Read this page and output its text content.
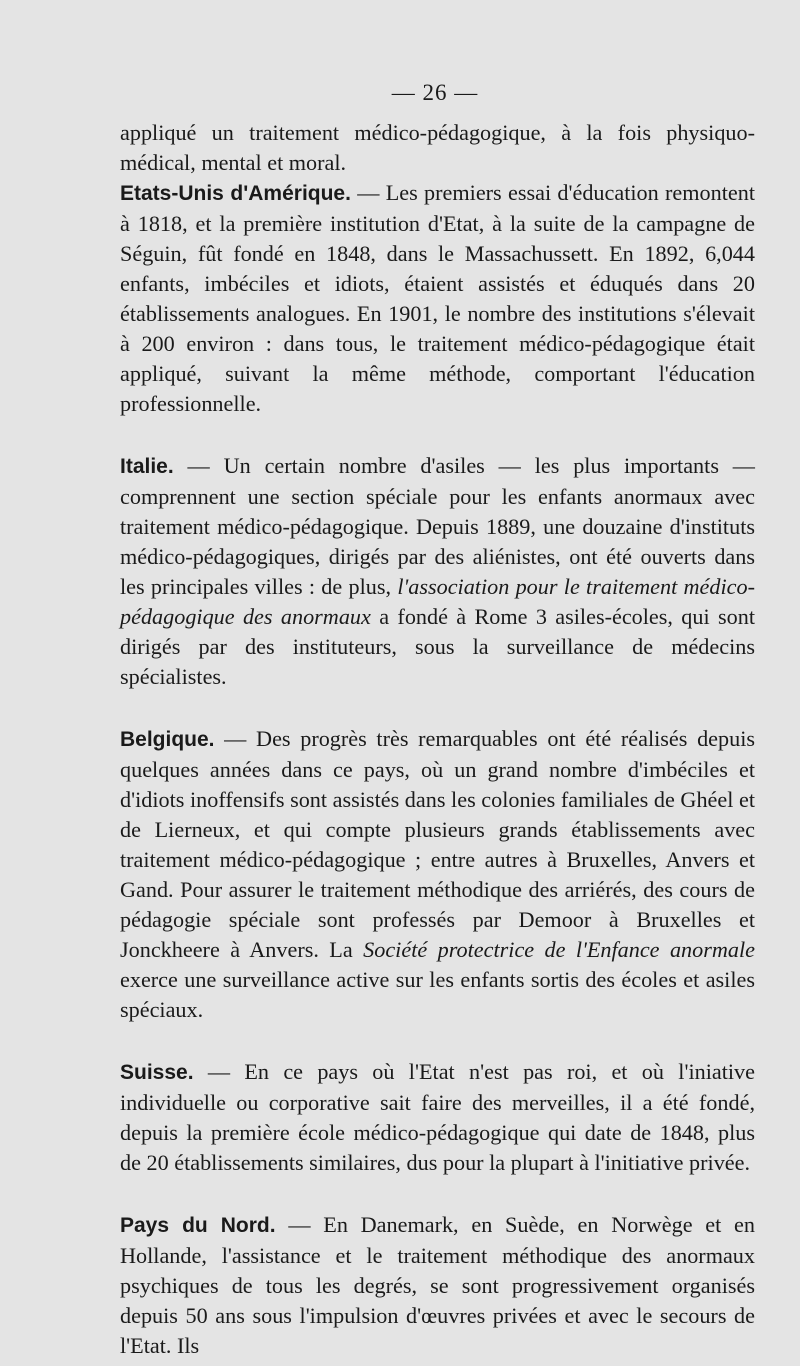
— 26 —

appliqué un traitement médico-pédagogique, à la fois physiquo-médical, mental et moral.

Etats-Unis d'Amérique. — Les premiers essai d'éducation remontent à 1818, et la première institution d'Etat, à la suite de la campagne de Séguin, fût fondé en 1848, dans le Massachussett. En 1892, 6,044 enfants, imbéciles et idiots, étaient assistés et éduqués dans 20 établissements analogues. En 1901, le nombre des institutions s'élevait à 200 environ : dans tous, le traitement médico-pédagogique était appliqué, suivant la même méthode, comportant l'éducation professionnelle.

Italie. — Un certain nombre d'asiles — les plus importants — comprennent une section spéciale pour les enfants anormaux avec traitement médico-pédagogique. Depuis 1889, une douzaine d'instituts médico-pédagogiques, dirigés par des aliénistes, ont été ouverts dans les principales villes : de plus, l'association pour le traitement médico-pédagogique des anormaux a fondé à Rome 3 asiles-écoles, qui sont dirigés par des instituteurs, sous la surveillance de médecins spécialistes.

Belgique. — Des progrès très remarquables ont été réalisés depuis quelques années dans ce pays, où un grand nombre d'imbéciles et d'idiots inoffensifs sont assistés dans les colonies familiales de Ghéel et de Lierneux, et qui compte plusieurs grands établissements avec traitement médico-pédagogique ; entre autres à Bruxelles, Anvers et Gand. Pour assurer le traitement méthodique des arriérés, des cours de pédagogie spéciale sont professés par Demoor à Bruxelles et Jonckheere à Anvers. La Société protectrice de l'Enfance anormale exerce une surveillance active sur les enfants sortis des écoles et asiles spéciaux.

Suisse. — En ce pays où l'Etat n'est pas roi, et où l'iniative individuelle ou corporative sait faire des merveilles, il a été fondé, depuis la première école médico-pédagogique qui date de 1848, plus de 20 établissements similaires, dus pour la plupart à l'initiative privée.

Pays du Nord. — En Danemark, en Suède, en Norwège et en Hollande, l'assistance et le traitement méthodique des anormaux psychiques de tous les degrés, se sont progressivement organisés depuis 50 ans sous l'impulsion d'œuvres privées et avec le secours de l'Etat. Ils
